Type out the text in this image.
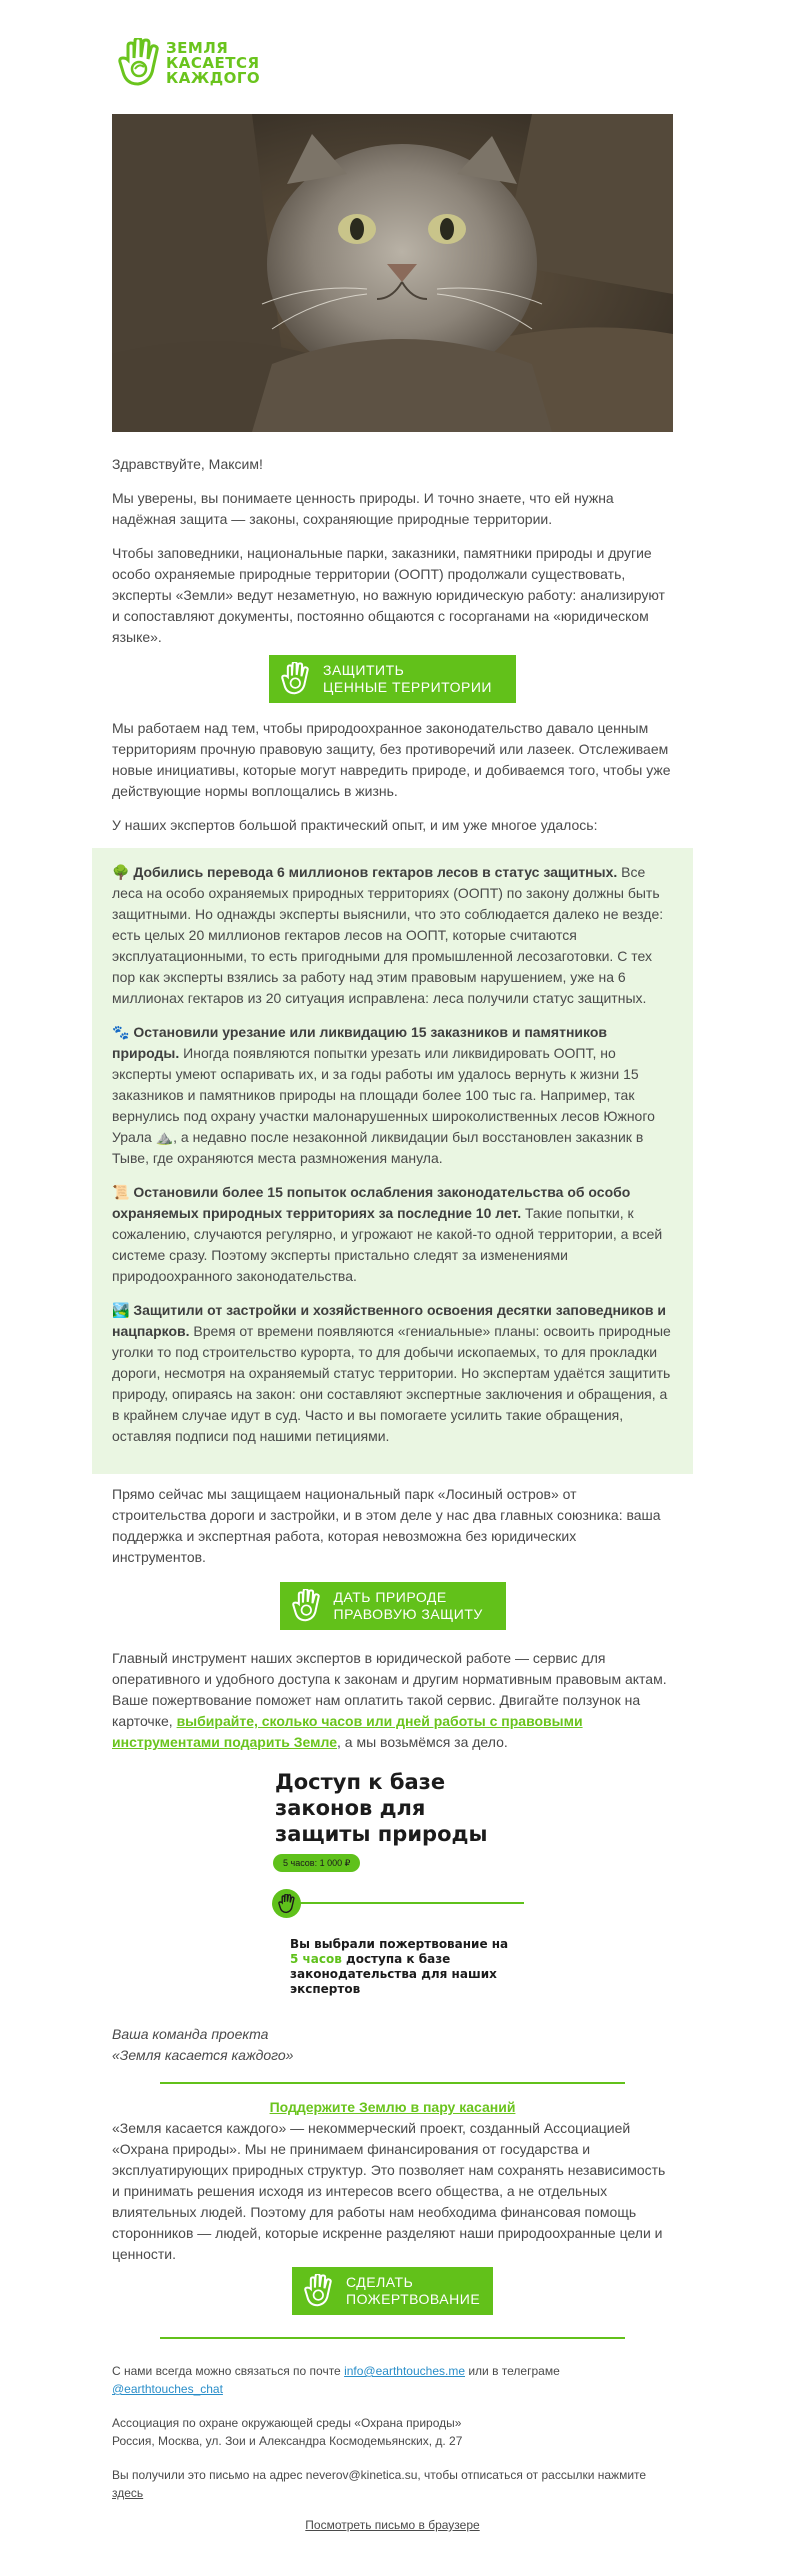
ЗЕМЛЯ
КАСАЕТСЯ
КАЖДОГО

Здравствуйте, Максим!

Мы уверены, вы понимаете ценность природы. И точно знаете, что ей нужна надёжная защита — законы, сохраняющие природные территории.

Чтобы заповедники, национальные парки, заказники, памятники природы и другие особо охраняемые природные территории (ООПТ) продолжали существовать, эксперты «Земли» ведут незаметную, но важную юридическую работу: анализируют и сопоставляют документы, постоянно общаются с госорганами на «юридическом языке».

ЗАЩИТИТЬ
ЦЕННЫЕ ТЕРРИТОРИИ

Мы работаем над тем, чтобы природоохранное законодательство давало ценным территориям прочную правовую защиту, без противоречий или лазеек. Отслеживаем новые инициативы, которые могут навредить природе, и добиваемся того, чтобы уже действующие нормы воплощались в жизнь.

У наших экспертов большой практический опыт, и им уже многое удалось:

🌳 Добились перевода 6 миллионов гектаров лесов в статус защитных. Все леса на особо охраняемых природных территориях (ООПТ) по закону должны быть защитными. Но однажды эксперты выяснили, что это соблюдается далеко не везде: есть целых 20 миллионов гектаров лесов на ООПТ, которые считаются эксплуатационными, то есть пригодными для промышленной лесозаготовки. С тех пор как эксперты взялись за работу над этим правовым нарушением, уже на 6 миллионах гектаров из 20 ситуация исправлена: леса получили статус защитных.
🐾 Остановили урезание или ликвидацию 15 заказников и памятников природы. Иногда появляются попытки урезать или ликвидировать ООПТ, но эксперты умеют оспаривать их, и за годы работы им удалось вернуть к жизни 15 заказников и памятников природы на площади более 100 тыс га. Например, так вернулись под охрану участки малонарушенных широколиственных лесов Южного Урала ⛰️, а недавно после незаконной ликвидации был восстановлен заказник в Тыве, где охраняются места размножения манула.
📜 Остановили более 15 попыток ослабления законодательства об особо охраняемых природных территориях за последние 10 лет. Такие попытки, к сожалению, случаются регулярно, и угрожают не какой-то одной территории, а всей системе сразу. Поэтому эксперты пристально следят за изменениями природоохранного законодательства.
🏞️ Защитили от застройки и хозяйственного освоения десятки заповедников и нацпарков. Время от времени появляются «гениальные» планы: освоить природные уголки то под строительство курорта, то для добычи ископаемых, то для прокладки дороги, несмотря на охраняемый статус территории. Но экспертам удаётся защитить природу, опираясь на закон: они составляют экспертные заключения и обращения, а в крайнем случае идут в суд. Часто и вы помогаете усилить такие обращения, оставляя подписи под нашими петициями.

Прямо сейчас мы защищаем национальный парк «Лосиный остров» от строительства дороги и застройки, и в этом деле у нас два главных союзника: ваша поддержка и экспертная работа, которая невозможна без юридических инструментов.

ДАТЬ ПРИРОДЕ
ПРАВОВУЮ ЗАЩИТУ

Главный инструмент наших экспертов в юридической работе — сервис для оперативного и удобного доступа к законам и другим нормативным правовым актам. Ваше пожертвование поможет нам оплатить такой сервис. Двигайте ползунок на карточке, выбирайте, сколько часов или дней работы с правовыми инструментами подарить Земле, а мы возьмёмся за дело.

Доступ к базе законов для защиты природы
5 часов: 1 000 ₽
Вы выбрали пожертвование на 5 часов доступа к базе законодательства для наших экспертов
Ваша команда проекта
«Земля касается каждого»
Поддержите Землю в пару касаний

«Земля касается каждого» — некоммерческий проект, созданный Ассоциацией «Охрана природы». Мы не принимаем финансирования от государства и эксплуатирующих природных структур. Это позволяет нам сохранять независимость и принимать решения исходя из интересов всего общества, а не отдельных влиятельных людей. Поэтому для работы нам необходима финансовая помощь сторонников — людей, которые искренне разделяют наши природоохранные цели и ценности.

СДЕЛАТЬ
ПОЖЕРТВОВАНИЕ

С нами всегда можно связаться по почте info@earthtouches.me или в телеграме
@earthtouches_chat

Ассоциация по охране окружающей среды «Охрана природы»
Россия, Москва, ул. Зои и Александра Космодемьянских, д. 27

Вы получили это письмо на адрес neverov@kinetica.su, чтобы отписаться от рассылки нажмите
здесь

Посмотреть письмо в браузере
